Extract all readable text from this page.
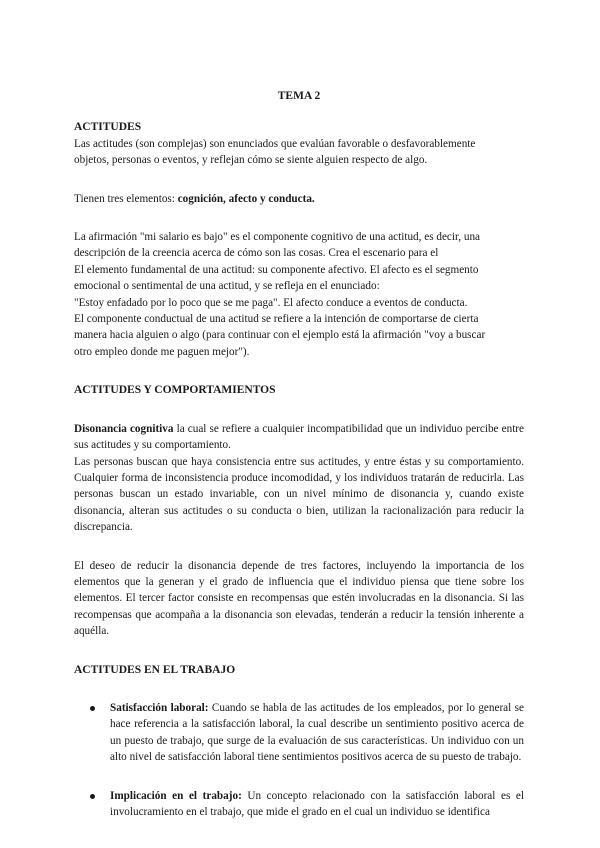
TEMA 2

ACTITUDES

Las actitudes (son complejas) son enunciados que evalúan favorable o desfavorablemente

objetos, personas o eventos, y reflejan cómo se siente alguien respecto de algo.

Tienen tres elementos: cognición, afecto y conducta.

La afirmación "mi salario es bajo" es el componente cognitivo de una actitud, es decir, una

descripción de la creencia acerca de cómo son las cosas. Crea el escenario para el

El elemento fundamental de una actitud: su componente afectivo. El afecto es el segmento

emocional o sentimental de una actitud, y se refleja en el enunciado:

"Estoy enfadado por lo poco que se me paga". El afecto conduce a eventos de conducta.

El componente conductual de una actitud se refiere a la intención de comportarse de cierta

manera hacia alguien o algo (para continuar con el ejemplo está la afirmación "voy a buscar

otro empleo donde me paguen mejor").

ACTITUDES Y COMPORTAMIENTOS

Disonancia cognitiva la cual se refiere a cualquier incompatibilidad que un individuo percibe entre sus actitudes y su comportamiento.

Las personas buscan que haya consistencia entre sus actitudes, y entre éstas y su comportamiento. Cualquier forma de inconsistencia produce incomodidad, y los individuos tratarán de reducirla. Las personas buscan un estado invariable, con un nivel mínimo de disonancia y, cuando existe disonancia, alteran sus actitudes o su conducta o bien, utilizan la racionalización para reducir la discrepancia.

El deseo de reducir la disonancia depende de tres factores, incluyendo la importancia de los elementos que la generan y el grado de influencia que el individuo piensa que tiene sobre los elementos. El tercer factor consiste en recompensas que estén involucradas en la disonancia. Si las recompensas que acompaña a la disonancia son elevadas, tenderán a reducir la tensión inherente a aquélla.

ACTITUDES EN EL TRABAJO
Satisfacción laboral: Cuando se habla de las actitudes de los empleados, por lo general se hace referencia a la satisfacción laboral, la cual describe un sentimiento positivo acerca de un puesto de trabajo, que surge de la evaluación de sus características. Un individuo con un alto nivel de satisfacción laboral tiene sentimientos positivos acerca de su puesto de trabajo.
Implicación en el trabajo: Un concepto relacionado con la satisfacción laboral es el involucramiento en el trabajo, que mide el grado en el cual un individuo se identifica
